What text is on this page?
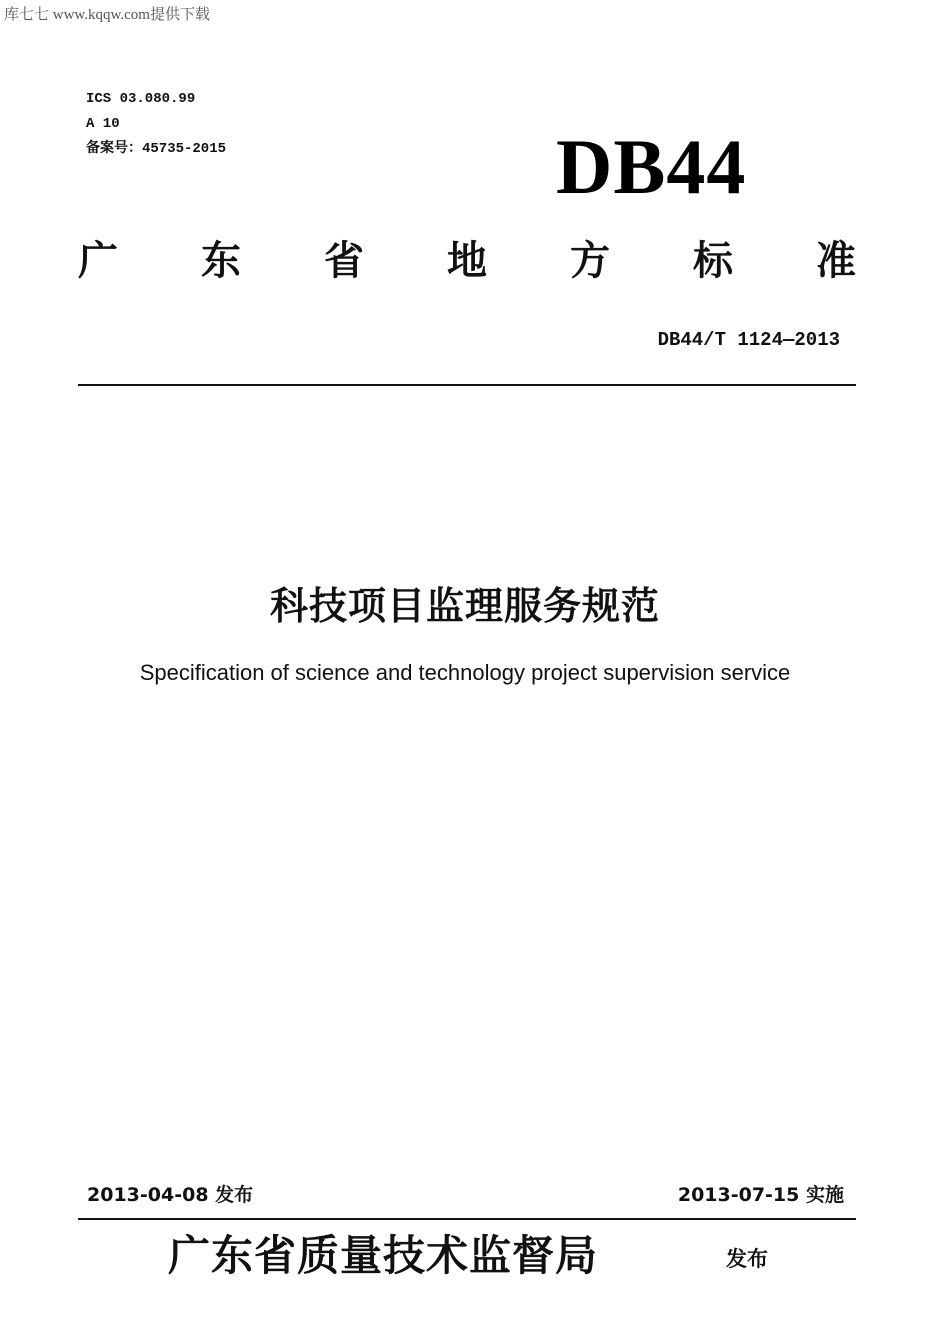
库七七 www.kqqw.com提供下载
ICS 03.080.99
A 10
备案号：45735-2015	DB44
广 东 省 地 方 标 准
DB44/T 1124—2013
科技项目监理服务规范
Specification of science and technology project supervision service
2013-04-08 发布	2013-07-15 实施
广东省质量技术监督局	发布
